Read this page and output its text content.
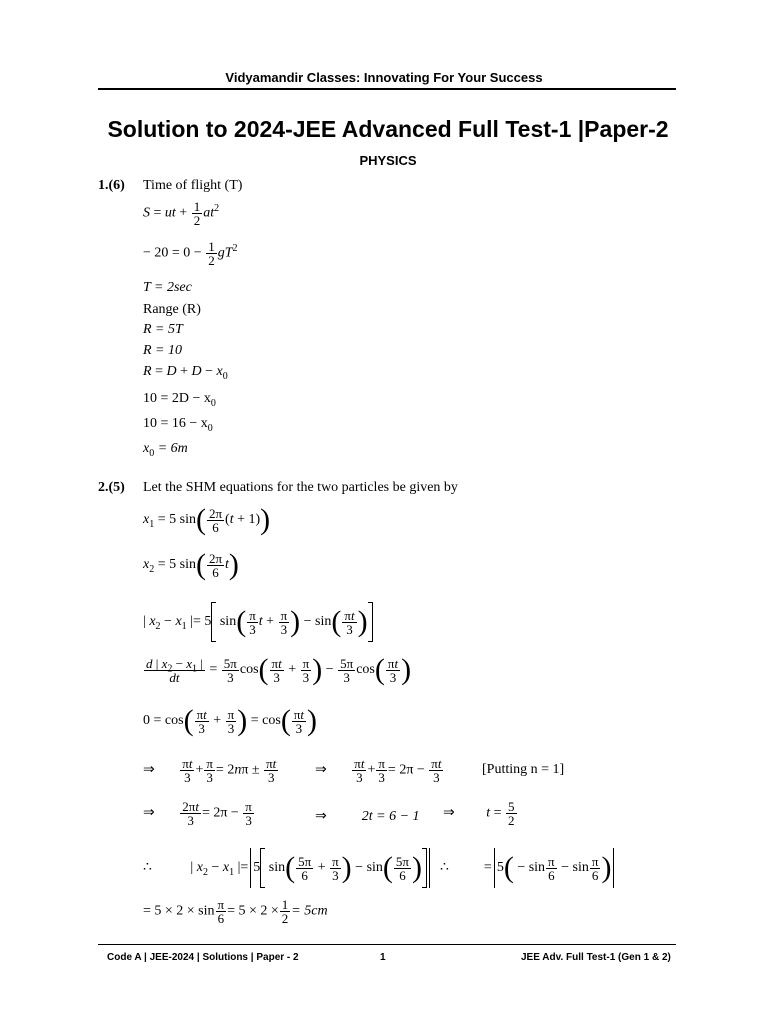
Vidyamandir Classes: Innovating For Your Success
Solution to 2024-JEE Advanced Full Test-1 |Paper-2
PHYSICS
1.(6) Time of flight (T)
S = ut + $\frac{1}{2} at^2$
− $20 = 0 - \frac{1}{2} gT^2$
T = 2sec
Range (R)
R = 5T
R = 10
$R = D + D - x_0$
$10 = 2D - x_0$
$10 = 16 - x_0$
$x_0 = 6m$
2.(5) Let the SHM equations for the two particles be given by
$x_1 = 5$ $\sin( \frac{2\pi}{6} (t + 1))$
$x_2 = 5$ $\sin( \frac{2\pi}{6} t)$
| $x_2 - x_1$ |= 5 $\sin( \frac{\pi}{3}$ $t + \frac{\pi}{3}$ ) − $\sin( \frac{\pi t}{3}$ )
$\frac{d | x_2 - x_1 |}{dt} = \frac{5\pi}{3} \cos( \frac{\pi t}{3} + \frac{\pi}{3}$ ) − $\frac{5\pi}{3} \cos( \frac{\pi t}{3}$ )
$0 = \cos( \frac{\pi t}{3} + \frac{\pi}{3}$ ) = $\cos( \frac{\pi t}{3}$ )
⇒ $\frac{\pi t}{3} + \frac{\pi}{3} = 2n\pi \pm \frac{\pi t}{3}$	⇒ $\frac{\pi t}{3} + \frac{\pi}{3} = 2\pi - \frac{\pi t}{3}$	[Putting n = 1]
⇒ $\frac{2\pi t}{3} = 2\pi - \frac{\pi}{3}$	⇒          2t = 6 − 1 ⇒         $t = \frac{5}{2}$
∴           | $x_2 - x_1$ |= 5 $\sin( \frac{5\pi}{6} + \frac{\pi}{3}$ ) − $\sin( \frac{5\pi}{6}$ )	∴          = $5( - \sin \frac{\pi}{6} - \sin \frac{\pi}{6}$ )
= $5 \times 2 \times \sin \frac{\pi}{6} = 5 \times 2 \times \frac{1}{2} = 5cm$
Code A | JEE-2024 | Solutions | Paper - 2	1	JEE Adv. Full Test-1 (Gen 1 & 2)
